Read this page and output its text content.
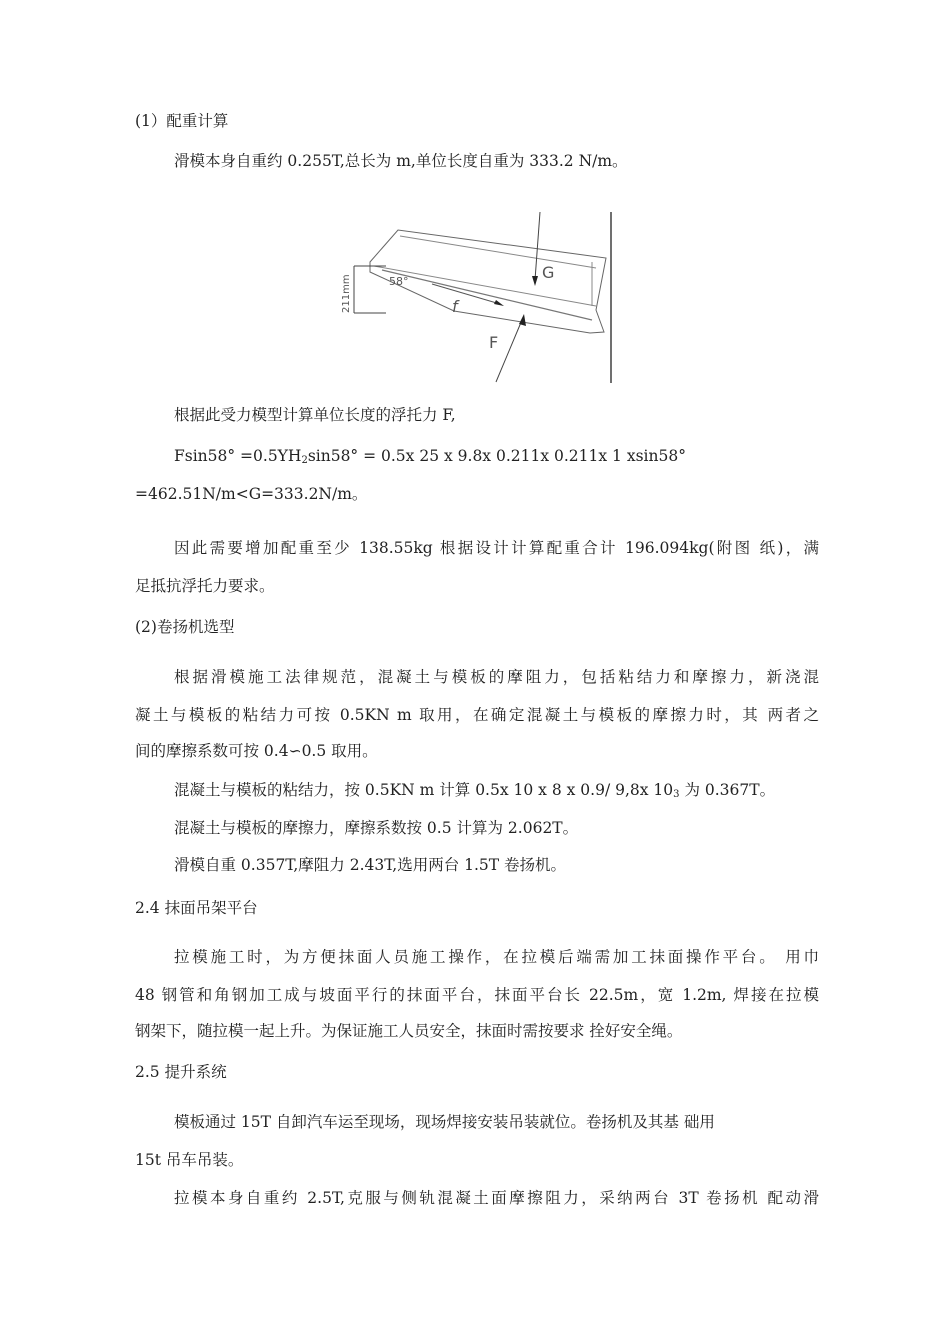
(1）配重计算
滑模本身自重约 0.255T,总长为 m,单位长度自重为 333.2 N/m。
211mm	58°	G
f
F
根据此受力模型计算单位长度的浮托力 F,
$Fsin58^\circ =0.5YH_2\sin 58^\circ = 0.5x$ 25 x 9.8x 0.211x 0.211x 1 xsin58°
=462.51N/m<G=333.2N/m。
因此需要增加配重至少 138.55kg 根据设计计算配重合计 196.094kg(附图 纸)，满
足抵抗浮托力要求。
(2)卷扬机选型
根据滑模施工法律规范，混凝土与模板的摩阻力，包括粘结力和摩擦力，新浇混
凝土与模板的粘结力可按 0.5KN m 取用，在确定混凝土与模板的摩擦力时，其 两者之
间的摩擦系数可按 0.4∽0.5 取用。
混凝土与模板的粘结力，按 0.5KN m 计算 0.5x 10 x 8 x 0.9/ 9,8x $10_3$ 为 0.367T。
混凝土与模板的摩擦力，摩擦系数按 0.5 计算为 2.062T。
滑模自重 0.357T,摩阻力 2.43T,选用两台 1.5T 卷扬机。
2.4 抹面吊架平台
拉模施工时，为方便抹面人员施工操作，在拉模后端需加工抹面操作平台。 用巾
48 钢管和角钢加工成与坡面平行的抹面平台，抹面平台长 22.5m，宽 1.2m, 焊接在拉模
钢架下，随拉模一起上升。为保证施工人员安全，抹面时需按要求 拴好安全绳。
2.5 提升系统
模板通过 15T 自卸汽车运至现场，现场焊接安装吊装就位。卷扬机及其基 础用
15t 吊车吊装。
拉模本身自重约 2.5T,克服与侧轨混凝土面摩擦阻力，采纳两台 3T 卷扬机 配动滑
